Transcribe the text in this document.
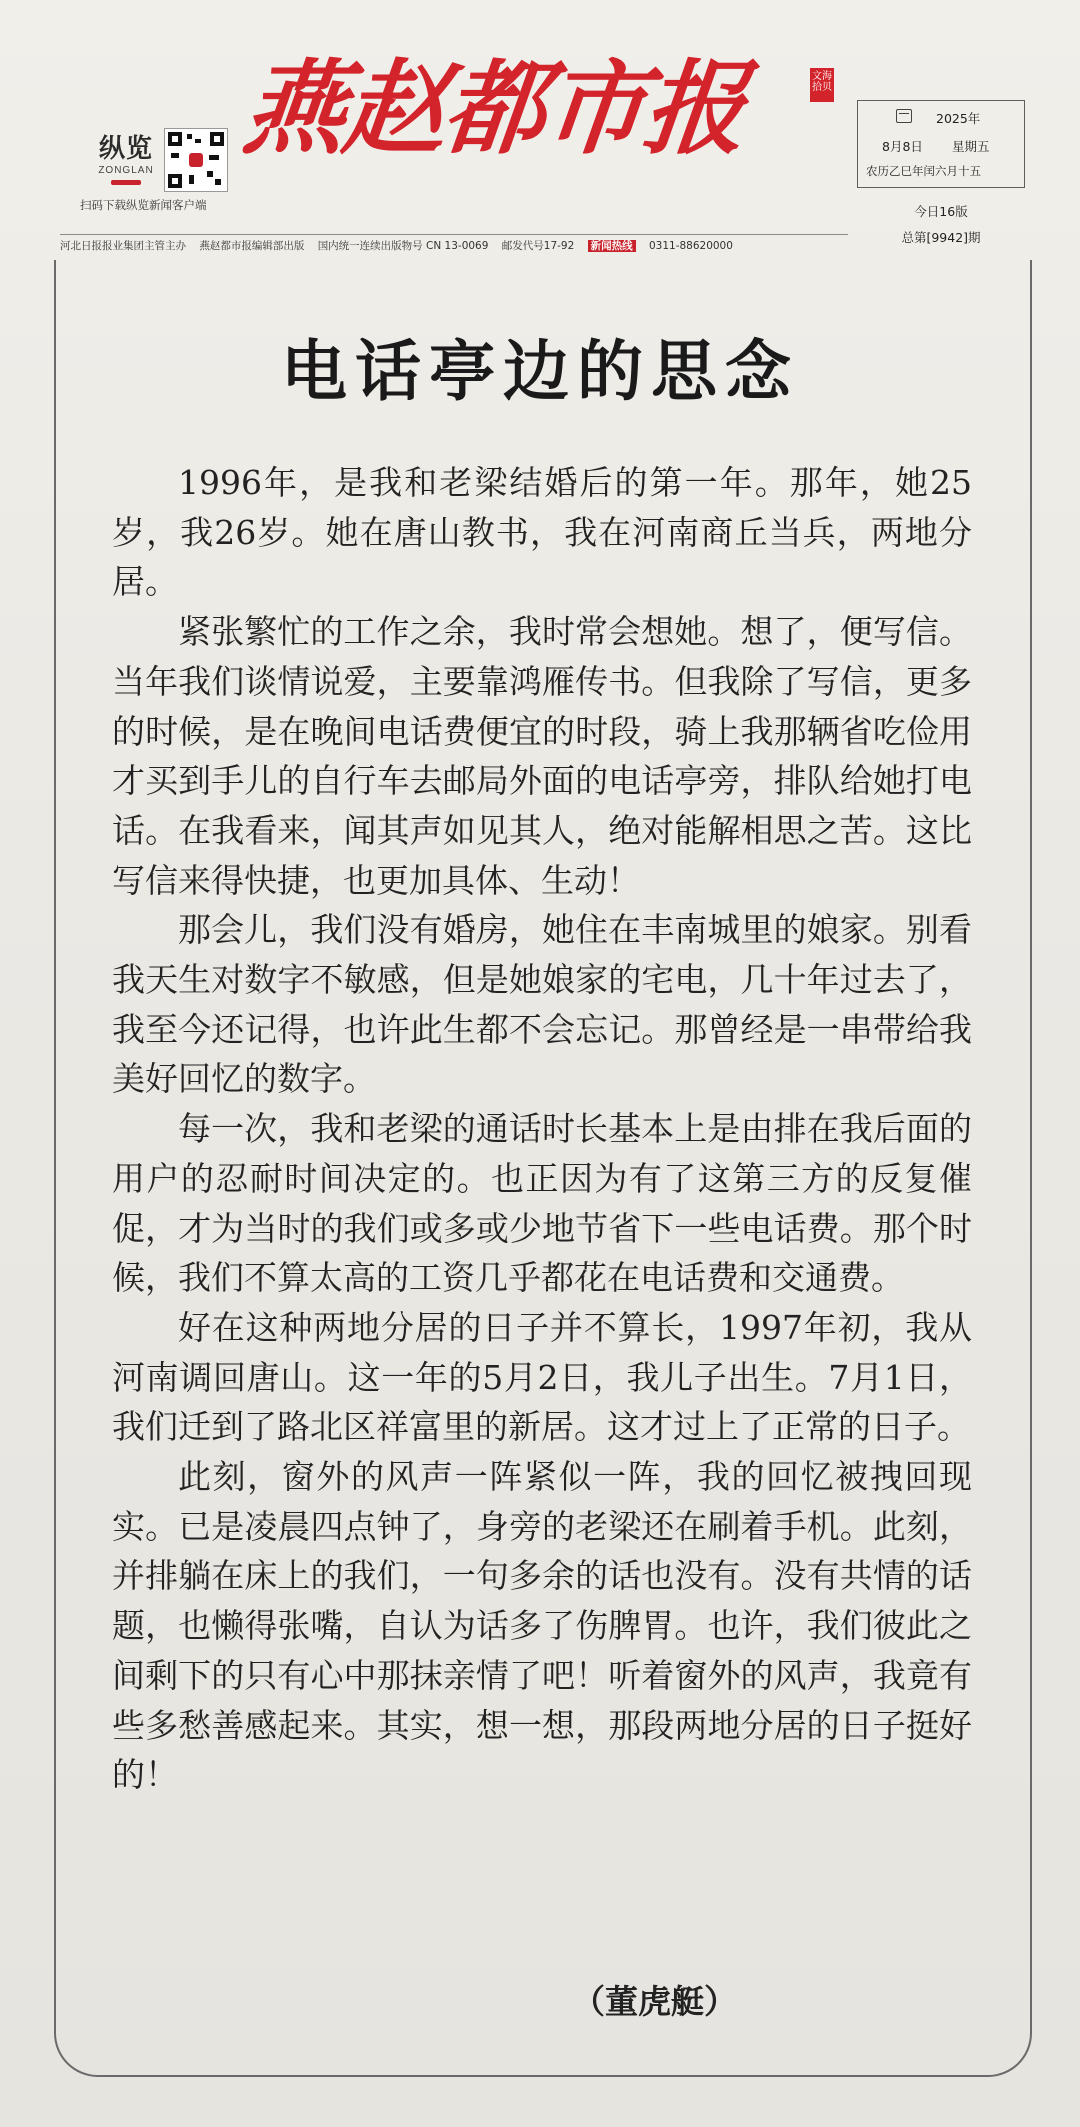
纵览
ZONGLAN
扫码下载纵览新闻客户端
燕赵都市报	文海拾贝
2025年
8月8日 星期五
农历乙巳年闰六月十五
今日16版
总第[9942]期
河北日报报业集团主管主办 燕赵都市报编辑部出版 国内统一连续出版物号 CN 13-0069 邮发代号17-92 新闻热线 0311-88620000
电话亭边的思念

1996年，是我和老梁结婚后的第一年。那年，她25岁，我26岁。她在唐山教书，我在河南商丘当兵，两地分居。

紧张繁忙的工作之余，我时常会想她。想了，便写信。当年我们谈情说爱，主要靠鸿雁传书。但我除了写信，更多的时候，是在晚间电话费便宜的时段，骑上我那辆省吃俭用才买到手儿的自行车去邮局外面的电话亭旁，排队给她打电话。在我看来，闻其声如见其人，绝对能解相思之苦。这比写信来得快捷，也更加具体、生动！

那会儿，我们没有婚房，她住在丰南城里的娘家。别看我天生对数字不敏感，但是她娘家的宅电，几十年过去了，我至今还记得，也许此生都不会忘记。那曾经是一串带给我美好回忆的数字。

每一次，我和老梁的通话时长基本上是由排在我后面的用户的忍耐时间决定的。也正因为有了这第三方的反复催促，才为当时的我们或多或少地节省下一些电话费。那个时候，我们不算太高的工资几乎都花在电话费和交通费。

好在这种两地分居的日子并不算长，1997年初，我从河南调回唐山。这一年的5月2日，我儿子出生。7月1日，我们迁到了路北区祥富里的新居。这才过上了正常的日子。

此刻，窗外的风声一阵紧似一阵，我的回忆被拽回现实。已是凌晨四点钟了，身旁的老梁还在刷着手机。此刻，并排躺在床上的我们，一句多余的话也没有。没有共情的话题，也懒得张嘴，自认为话多了伤脾胃。也许，我们彼此之间剩下的只有心中那抹亲情了吧！听着窗外的风声，我竟有些多愁善感起来。其实，想一想，那段两地分居的日子挺好的！

（董虎艇）
